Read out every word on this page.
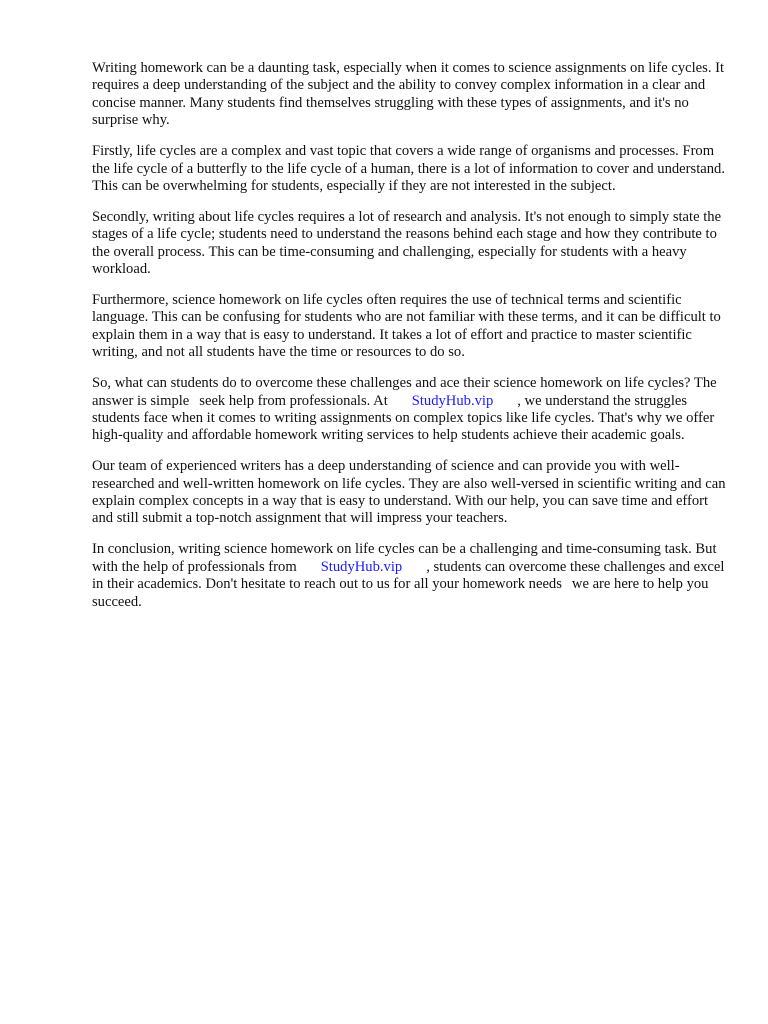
Writing homework can be a daunting task, especially when it comes to science assignments on life cycles. It requires a deep understanding of the subject and the ability to convey complex information in a clear and concise manner. Many students find themselves struggling with these types of assignments, and it's no surprise why.

Firstly, life cycles are a complex and vast topic that covers a wide range of organisms and processes. From the life cycle of a butterfly to the life cycle of a human, there is a lot of information to cover and understand. This can be overwhelming for students, especially if they are not interested in the subject.

Secondly, writing about life cycles requires a lot of research and analysis. It's not enough to simply state the stages of a life cycle; students need to understand the reasons behind each stage and how they contribute to the overall process. This can be time-consuming and challenging, especially for students with a heavy workload.

Furthermore, science homework on life cycles often requires the use of technical terms and scientific language. This can be confusing for students who are not familiar with these terms, and it can be difficult to explain them in a way that is easy to understand. It takes a lot of effort and practice to master scientific writing, and not all students have the time or resources to do so.

So, what can students do to overcome these challenges and ace their science homework on life cycles? The answer is simple seek help from professionals. At StudyHub.vip , we understand the struggles students face when it comes to writing assignments on complex topics like life cycles. That's why we offer high-quality and affordable homework writing services to help students achieve their academic goals.

Our team of experienced writers has a deep understanding of science and can provide you with well-researched and well-written homework on life cycles. They are also well-versed in scientific writing and can explain complex concepts in a way that is easy to understand. With our help, you can save time and effort and still submit a top-notch assignment that will impress your teachers.

In conclusion, writing science homework on life cycles can be a challenging and time-consuming task. But with the help of professionals from StudyHub.vip , students can overcome these challenges and excel in their academics. Don't hesitate to reach out to us for all your homework needs we are here to help you succeed.
